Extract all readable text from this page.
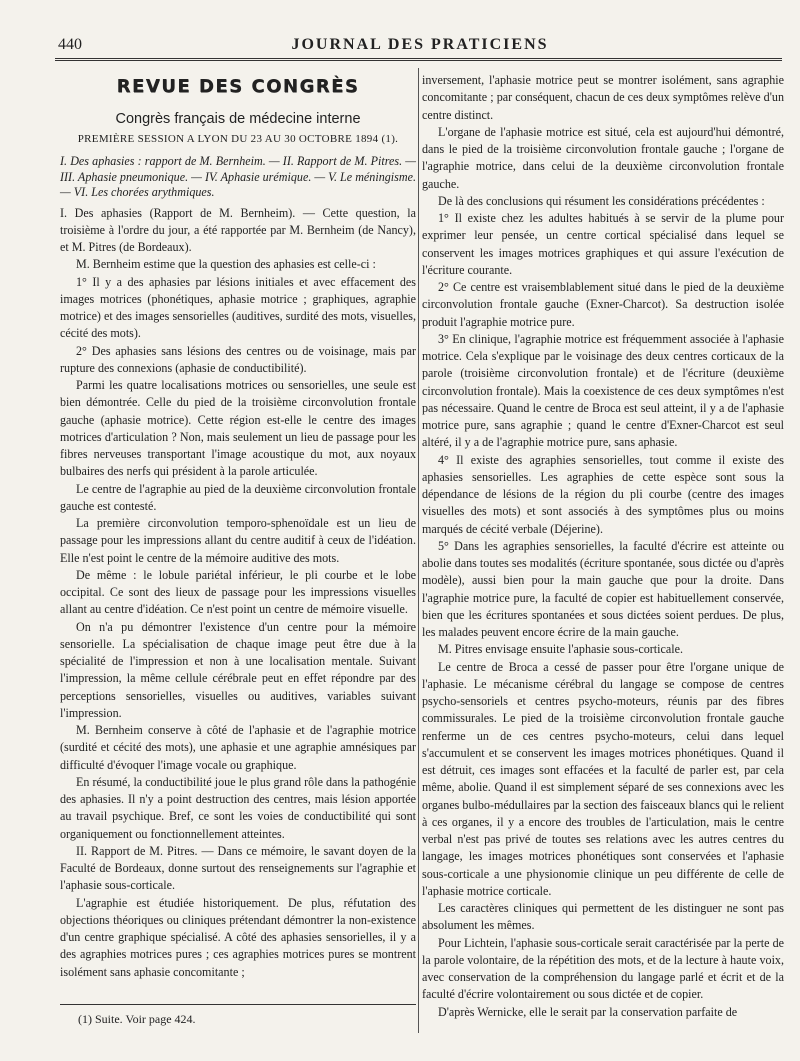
440	JOURNAL DES PRATICIENS
REVUE DES CONGRÈS
Congrès français de médecine interne
PREMIÈRE SESSION A LYON DU 23 AU 30 OCTOBRE 1894 (1).

I. Des aphasies : rapport de M. Bernheim. — II. Rapport de M. Pitres. — III. Aphasie pneumonique. — IV. Aphasie urémique. — V. Le méningisme. — VI. Les chorées arythmiques.

I. Des aphasies (Rapport de M. Bernheim). — Cette question, la troisième à l'ordre du jour, a été rapportée par M. Bernheim (de Nancy), et M. Pitres (de Bordeaux).

M. Bernheim estime que la question des aphasies est celle-ci :

1° Il y a des aphasies par lésions initiales et avec effacement des images motrices (phonétiques, aphasie motrice ; graphiques, agraphie motrice) et des images sensorielles (auditives, surdité des mots, visuelles, cécité des mots).

2° Des aphasies sans lésions des centres ou de voisinage, mais par rupture des connexions (aphasie de conductibilité).

Parmi les quatre localisations motrices ou sensorielles, une seule est bien démontrée. Celle du pied de la troisième circonvolution frontale gauche (aphasie motrice). Cette région est-elle le centre des images motrices d'articulation ? Non, mais seulement un lieu de passage pour les fibres nerveuses transportant l'image acoustique du mot, aux noyaux bulbaires des nerfs qui président à la parole articulée.

Le centre de l'agraphie au pied de la deuxième circonvolution frontale gauche est contesté.

La première circonvolution temporo-sphenoïdale est un lieu de passage pour les impressions allant du centre auditif à ceux de l'idéation. Elle n'est point le centre de la mémoire auditive des mots.

De même : le lobule pariétal inférieur, le pli courbe et le lobe occipital. Ce sont des lieux de passage pour les impressions visuelles allant au centre d'idéation. Ce n'est point un centre de mémoire visuelle.

On n'a pu démontrer l'existence d'un centre pour la mémoire sensorielle. La spécialisation de chaque image peut être due à la spécialité de l'impression et non à une localisation mentale. Suivant l'impression, la même cellule cérébrale peut en effet répondre par des perceptions sensorielles, visuelles ou auditives, variables suivant l'impression.

M. Bernheim conserve à côté de l'aphasie et de l'agraphie motrice (surdité et cécité des mots), une aphasie et une agraphie amnésiques par difficulté d'évoquer l'image vocale ou graphique.

En résumé, la conductibilité joue le plus grand rôle dans la pathogénie des aphasies. Il n'y a point destruction des centres, mais lésion apportée au travail psychique. Bref, ce sont les voies de conductibilité qui sont organiquement ou fonctionnellement atteintes.

II. Rapport de M. Pitres. — Dans ce mémoire, le savant doyen de la Faculté de Bordeaux, donne surtout des renseignements sur l'agraphie et l'aphasie sous-corticale.

L'agraphie est étudiée historiquement. De plus, réfutation des objections théoriques ou cliniques prétendant démontrer la non-existence d'un centre graphique spécialisé. A côté des aphasies sensorielles, il y a des agraphies motrices pures ; ces agraphies motrices pures se montrent isolément sans aphasie concomitante ;

(1) Suite. Voir page 424.

inversement, l'aphasie motrice peut se montrer isolément, sans agraphie concomitante ; par conséquent, chacun de ces deux symptômes relève d'un centre distinct.

L'organe de l'aphasie motrice est situé, cela est aujourd'hui démontré, dans le pied de la troisième circonvolution frontale gauche ; l'organe de l'agraphie motrice, dans celui de la deuxième circonvolution frontale gauche.

De là des conclusions qui résument les considérations précédentes :

1° Il existe chez les adultes habitués à se servir de la plume pour exprimer leur pensée, un centre cortical spécialisé dans lequel se conservent les images motrices graphiques et qui assure l'exécution de l'écriture courante.

2° Ce centre est vraisemblablement situé dans le pied de la deuxième circonvolution frontale gauche (Exner-Charcot). Sa destruction isolée produit l'agraphie motrice pure.

3° En clinique, l'agraphie motrice est fréquemment associée à l'aphasie motrice. Cela s'explique par le voisinage des deux centres corticaux de la parole (troisième circonvolution frontale) et de l'écriture (deuxième circonvolution frontale). Mais la coexistence de ces deux symptômes n'est pas nécessaire. Quand le centre de Broca est seul atteint, il y a de l'aphasie motrice pure, sans agraphie ; quand le centre d'Exner-Charcot est seul altéré, il y a de l'agraphie motrice pure, sans aphasie.

4° Il existe des agraphies sensorielles, tout comme il existe des aphasies sensorielles. Les agraphies de cette espèce sont sous la dépendance de lésions de la région du pli courbe (centre des images visuelles des mots) et sont associés à des symptômes plus ou moins marqués de cécité verbale (Déjerine).

5° Dans les agraphies sensorielles, la faculté d'écrire est atteinte ou abolie dans toutes ses modalités (écriture spontanée, sous dictée ou d'après modèle), aussi bien pour la main gauche que pour la droite. Dans l'agraphie motrice pure, la faculté de copier est habituellement conservée, bien que les écritures spontanées et sous dictées soient perdues. De plus, les malades peuvent encore écrire de la main gauche.

M. Pitres envisage ensuite l'aphasie sous-corticale.

Le centre de Broca a cessé de passer pour être l'organe unique de l'aphasie. Le mécanisme cérébral du langage se compose de centres psycho-sensoriels et centres psycho-moteurs, réunis par des fibres commissurales. Le pied de la troisième circonvolution frontale gauche renferme un de ces centres psycho-moteurs, celui dans lequel s'accumulent et se conservent les images motrices phonétiques. Quand il est détruit, ces images sont effacées et la faculté de parler est, par cela même, abolie. Quand il est simplement séparé de ses connexions avec les organes bulbo-médullaires par la section des faisceaux blancs qui le relient à ces organes, il y a encore des troubles de l'articulation, mais le centre verbal n'est pas privé de toutes ses relations avec les autres centres du langage, les images motrices phonétiques sont conservées et l'aphasie sous-corticale a une physionomie clinique un peu différente de celle de l'aphasie motrice corticale.

Les caractères cliniques qui permettent de les distinguer ne sont pas absolument les mêmes.

Pour Lichtein, l'aphasie sous-corticale serait caractérisée par la perte de la parole volontaire, de la répétition des mots, et de la lecture à haute voix, avec conservation de la compréhension du langage parlé et écrit et de la faculté d'écrire volontairement ou sous dictée et de copier.

D'après Wernicke, elle le serait par la conservation parfaite de
